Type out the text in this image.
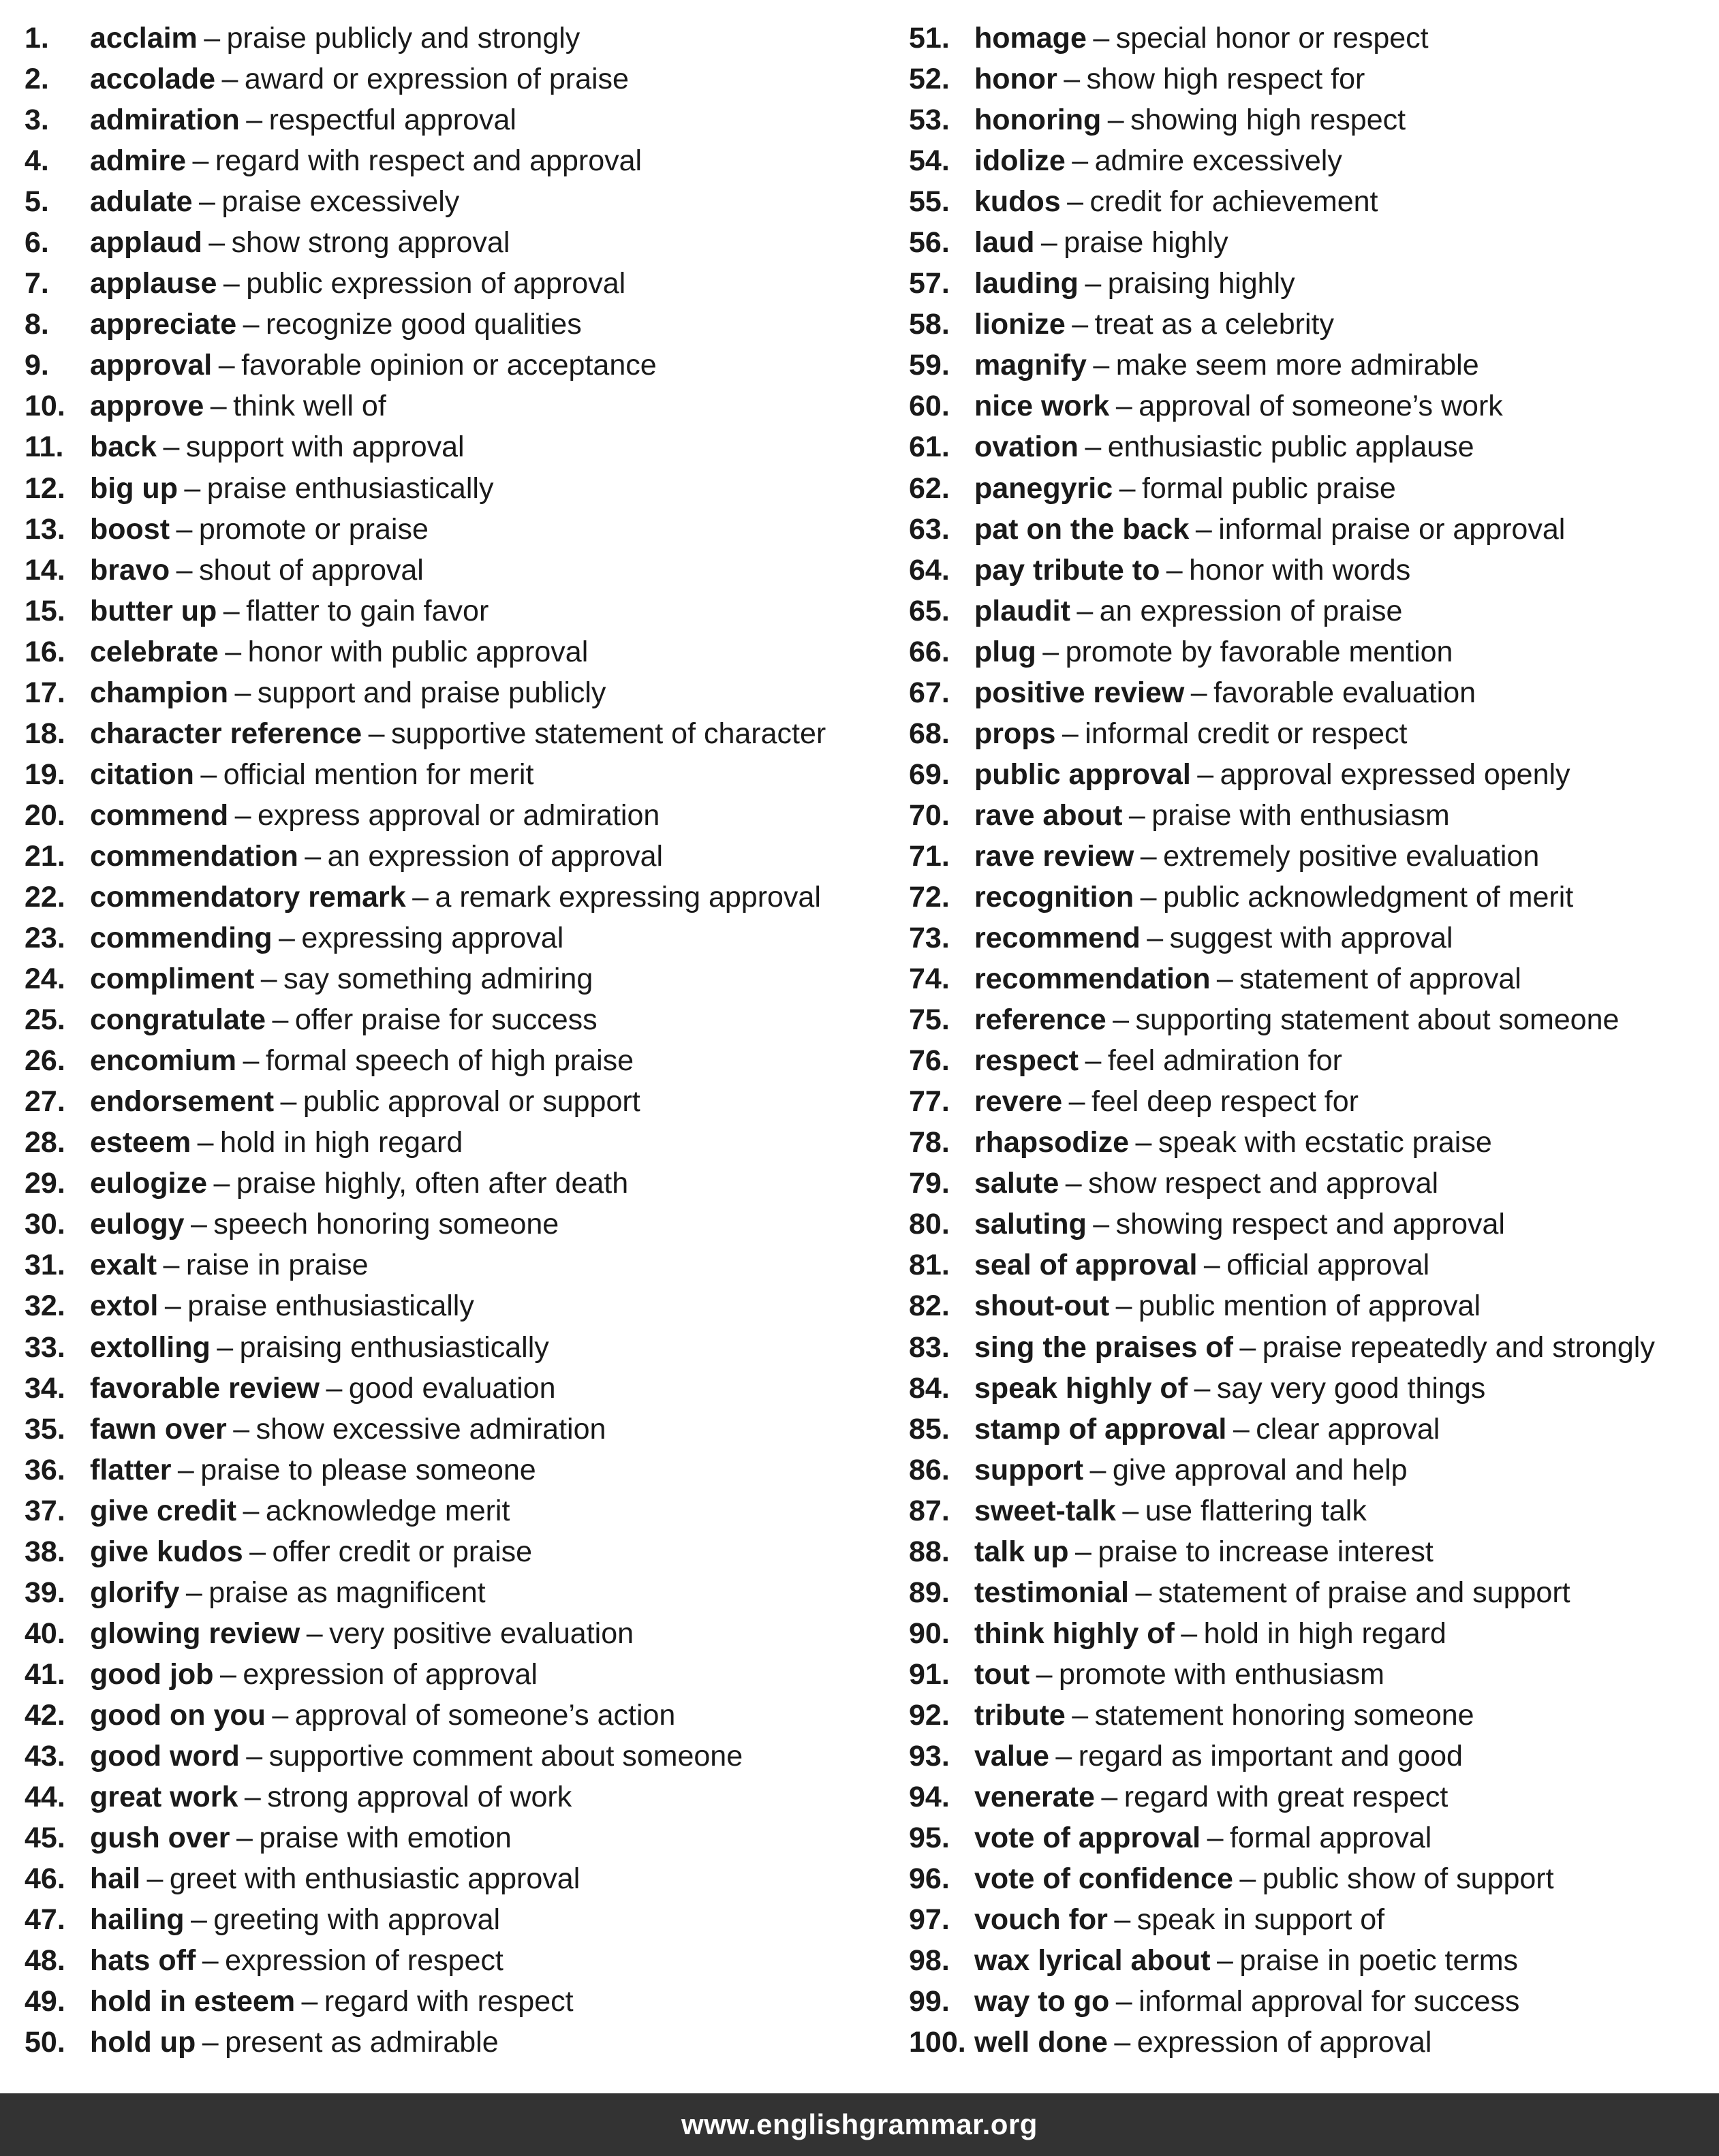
1.	acclaim – praise publicly and strongly
2.	accolade – award or expression of praise
3.	admiration – respectful approval
4.	admire – regard with respect and approval
5.	adulate – praise excessively
6.	applaud – show strong approval
7.	applause – public expression of approval
8.	appreciate – recognize good qualities
9.	approval – favorable opinion or acceptance
10. approve – think well of
11. back – support with approval
12. big up – praise enthusiastically
13. boost – promote or praise
14. bravo – shout of approval
15. butter up – flatter to gain favor
16. celebrate – honor with public approval
17. champion – support and praise publicly
18. character reference – supportive statement of character
19. citation – official mention for merit
20. commend – express approval or admiration
21. commendation – an expression of approval
22. commendatory remark – a remark expressing approval
23. commending – expressing approval
24. compliment – say something admiring
25. congratulate – offer praise for success
26. encomium – formal speech of high praise
27. endorsement – public approval or support
28. esteem – hold in high regard
29. eulogize – praise highly, often after death
30. eulogy – speech honoring someone
31. exalt – raise in praise
32. extol – praise enthusiastically
33. extolling – praising enthusiastically
34. favorable review – good evaluation
35. fawn over – show excessive admiration
36. flatter – praise to please someone
37. give credit – acknowledge merit
38. give kudos – offer credit or praise
39. glorify – praise as magnificent
40. glowing review – very positive evaluation
41. good job – expression of approval
42. good on you – approval of someone’s action
43. good word – supportive comment about someone
44. great work – strong approval of work
45. gush over – praise with emotion
46. hail – greet with enthusiastic approval
47. hailing – greeting with approval
48. hats off – expression of respect
49. hold in esteem – regard with respect
50. hold up – present as admirable
51. homage – special honor or respect
52. honor – show high respect for
53. honoring – showing high respect
54. idolize – admire excessively
55. kudos – credit for achievement
56. laud – praise highly
57. lauding – praising highly
58. lionize – treat as a celebrity
59. magnify – make seem more admirable
60. nice work – approval of someone’s work
61. ovation – enthusiastic public applause
62. panegyric – formal public praise
63. pat on the back – informal praise or approval
64. pay tribute to – honor with words
65. plaudit – an expression of praise
66. plug – promote by favorable mention
67. positive review – favorable evaluation
68. props – informal credit or respect
69. public approval – approval expressed openly
70. rave about – praise with enthusiasm
71. rave review – extremely positive evaluation
72. recognition – public acknowledgment of merit
73. recommend – suggest with approval
74. recommendation – statement of approval
75. reference – supporting statement about someone
76. respect – feel admiration for
77. revere – feel deep respect for
78. rhapsodize – speak with ecstatic praise
79. salute – show respect and approval
80. saluting – showing respect and approval
81. seal of approval – official approval
82. shout-out – public mention of approval
83. sing the praises of – praise repeatedly and strongly
84. speak highly of – say very good things
85. stamp of approval – clear approval
86. support – give approval and help
87. sweet-talk – use flattering talk
88. talk up – praise to increase interest
89. testimonial – statement of praise and support
90. think highly of – hold in high regard
91. tout – promote with enthusiasm
92. tribute – statement honoring someone
93. value – regard as important and good
94. venerate – regard with great respect
95. vote of approval – formal approval
96. vote of confidence – public show of support
97. vouch for – speak in support of
98. wax lyrical about – praise in poetic terms
99. way to go – informal approval for success
100. well done – expression of approval
www.englishgrammar.org
